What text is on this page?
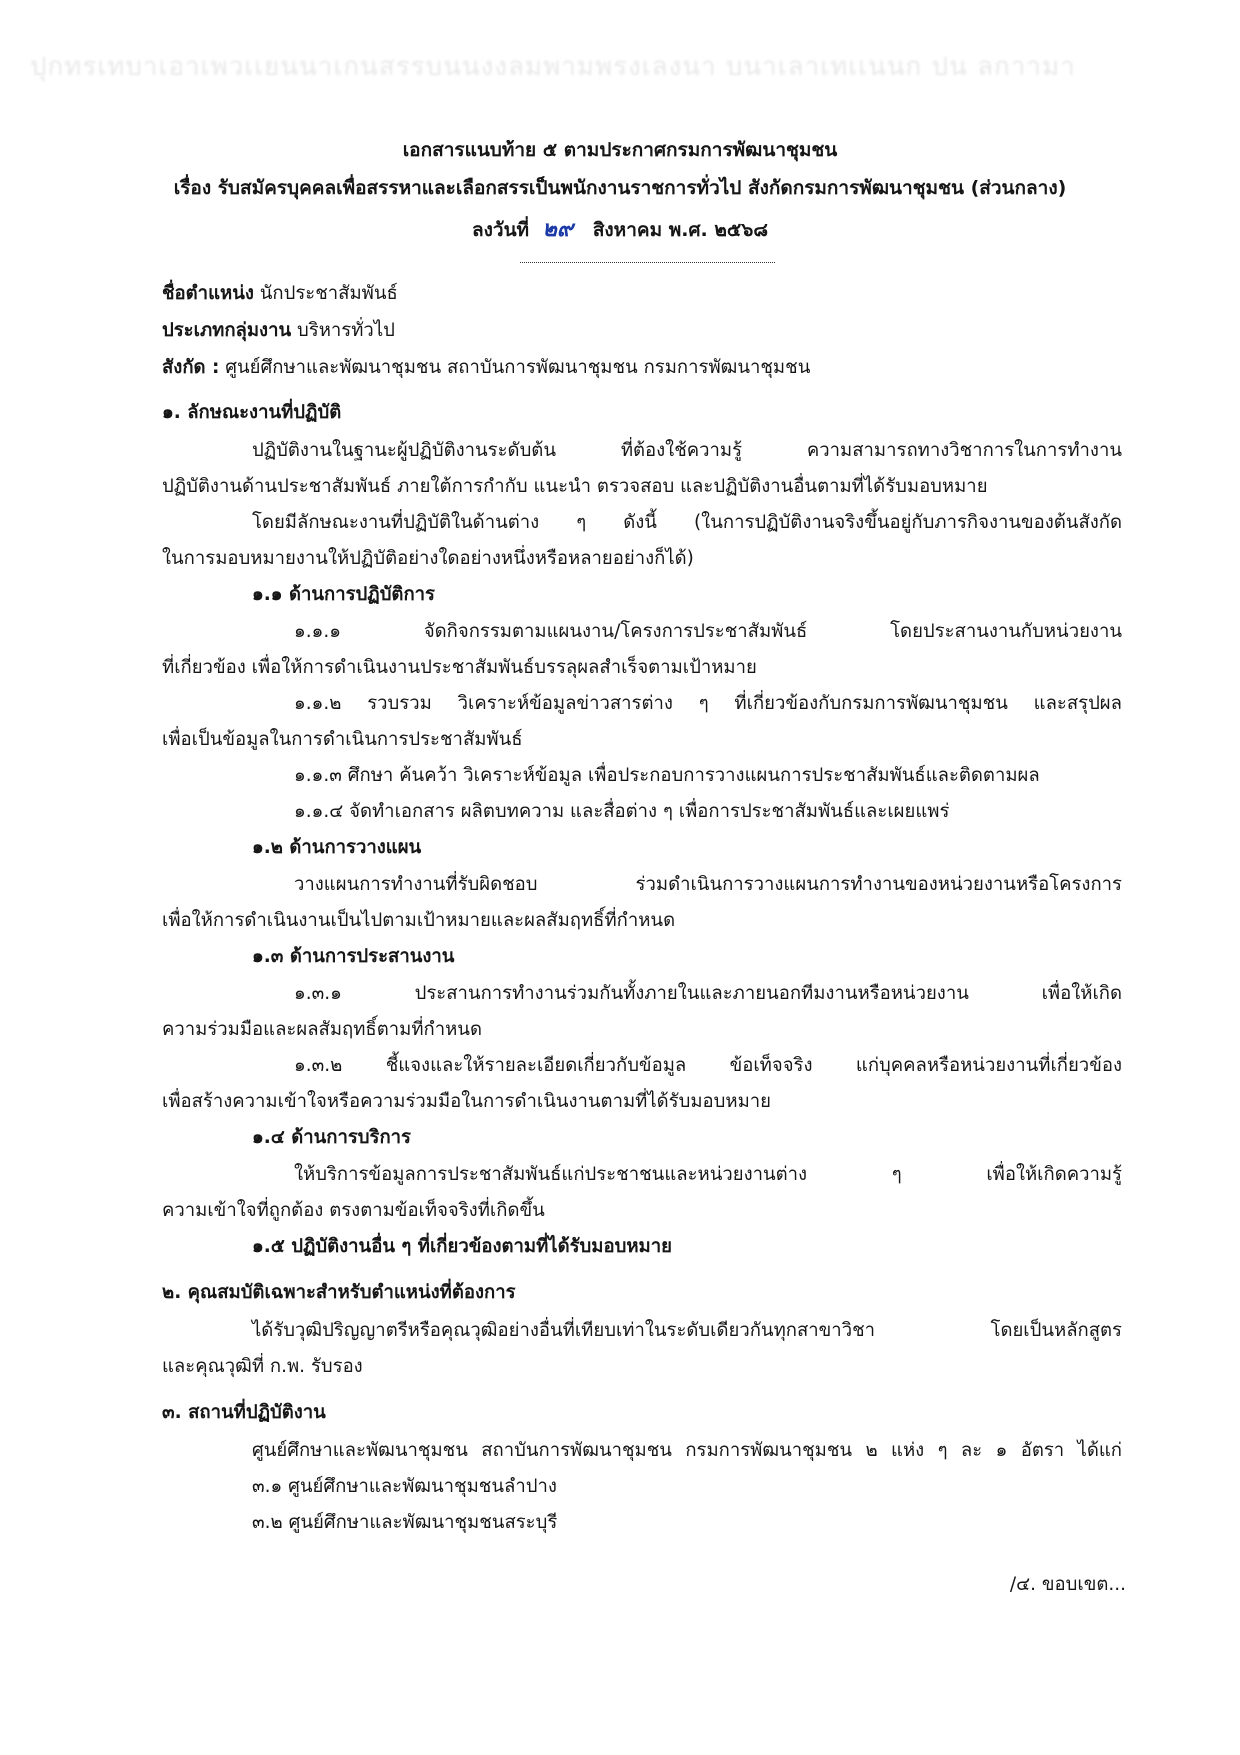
ปุกทรเทบาเอาเพวเเยนนาเกนสรรบนนงงลมพามพรงเลงนา บนาเลาเทเเนนก ปน ลกาามา
เอกสารแนบท้าย ๕ ตามประกาศกรมการพัฒนาชุมชน
เรื่อง รับสมัครบุคคลเพื่อสรรหาและเลือกสรรเป็นพนักงานราชการทั่วไป สังกัดกรมการพัฒนาชุมชน (ส่วนกลาง)
ลงวันที่ ๒๙ สิงหาคม พ.ศ. ๒๕๖๘
ชื่อตำแหน่ง นักประชาสัมพันธ์
ประเภทกลุ่มงาน บริหารทั่วไป
สังกัด : ศูนย์ศึกษาและพัฒนาชุมชน สถาบันการพัฒนาชุมชน กรมการพัฒนาชุมชน
๑. ลักษณะงานที่ปฏิบัติ
ปฏิบัติงานในฐานะผู้ปฏิบัติงานระดับต้น ที่ต้องใช้ความรู้ ความสามารถทางวิชาการในการทำงาน
ปฏิบัติงานด้านประชาสัมพันธ์ ภายใต้การกำกับ แนะนำ ตรวจสอบ และปฏิบัติงานอื่นตามที่ได้รับมอบหมาย
โดยมีลักษณะงานที่ปฏิบัติในด้านต่าง ๆ ดังนี้ (ในการปฏิบัติงานจริงขึ้นอยู่กับภารกิจงานของต้นสังกัด
ในการมอบหมายงานให้ปฏิบัติอย่างใดอย่างหนึ่งหรือหลายอย่างก็ได้)
๑.๑ ด้านการปฏิบัติการ
๑.๑.๑ จัดกิจกรรมตามแผนงาน/โครงการประชาสัมพันธ์ โดยประสานงานกับหน่วยงาน
ที่เกี่ยวข้อง เพื่อให้การดำเนินงานประชาสัมพันธ์บรรลุผลสำเร็จตามเป้าหมาย
๑.๑.๒ รวบรวม วิเคราะห์ข้อมูลข่าวสารต่าง ๆ ที่เกี่ยวข้องกับกรมการพัฒนาชุมชน และสรุปผล
เพื่อเป็นข้อมูลในการดำเนินการประชาสัมพันธ์
๑.๑.๓ ศึกษา ค้นคว้า วิเคราะห์ข้อมูล เพื่อประกอบการวางแผนการประชาสัมพันธ์และติดตามผล
๑.๑.๔ จัดทำเอกสาร ผลิตบทความ และสื่อต่าง ๆ เพื่อการประชาสัมพันธ์และเผยแพร่
๑.๒ ด้านการวางแผน
วางแผนการทำงานที่รับผิดชอบ ร่วมดำเนินการวางแผนการทำงานของหน่วยงานหรือโครงการ
เพื่อให้การดำเนินงานเป็นไปตามเป้าหมายและผลสัมฤทธิ์ที่กำหนด
๑.๓ ด้านการประสานงาน
๑.๓.๑ ประสานการทำงานร่วมกันทั้งภายในและภายนอกทีมงานหรือหน่วยงาน เพื่อให้เกิด
ความร่วมมือและผลสัมฤทธิ์ตามที่กำหนด
๑.๓.๒ ชี้แจงและให้รายละเอียดเกี่ยวกับข้อมูล ข้อเท็จจริง แก่บุคคลหรือหน่วยงานที่เกี่ยวข้อง
เพื่อสร้างความเข้าใจหรือความร่วมมือในการดำเนินงานตามที่ได้รับมอบหมาย
๑.๔ ด้านการบริการ
ให้บริการข้อมูลการประชาสัมพันธ์แก่ประชาชนและหน่วยงานต่าง ๆ เพื่อให้เกิดความรู้
ความเข้าใจที่ถูกต้อง ตรงตามข้อเท็จจริงที่เกิดขึ้น
๑.๕ ปฏิบัติงานอื่น ๆ ที่เกี่ยวข้องตามที่ได้รับมอบหมาย
๒. คุณสมบัติเฉพาะสำหรับตำแหน่งที่ต้องการ
ได้รับวุฒิปริญญาตรีหรือคุณวุฒิอย่างอื่นที่เทียบเท่าในระดับเดียวกันทุกสาขาวิชา โดยเป็นหลักสูตร
และคุณวุฒิที่ ก.พ. รับรอง
๓. สถานที่ปฏิบัติงาน
ศูนย์ศึกษาและพัฒนาชุมชน สถาบันการพัฒนาชุมชน กรมการพัฒนาชุมชน ๒ แห่ง ๆ ละ ๑ อัตรา ได้แก่
๓.๑ ศูนย์ศึกษาและพัฒนาชุมชนลำปาง
๓.๒ ศูนย์ศึกษาและพัฒนาชุมชนสระบุรี
/๔. ขอบเขต...
